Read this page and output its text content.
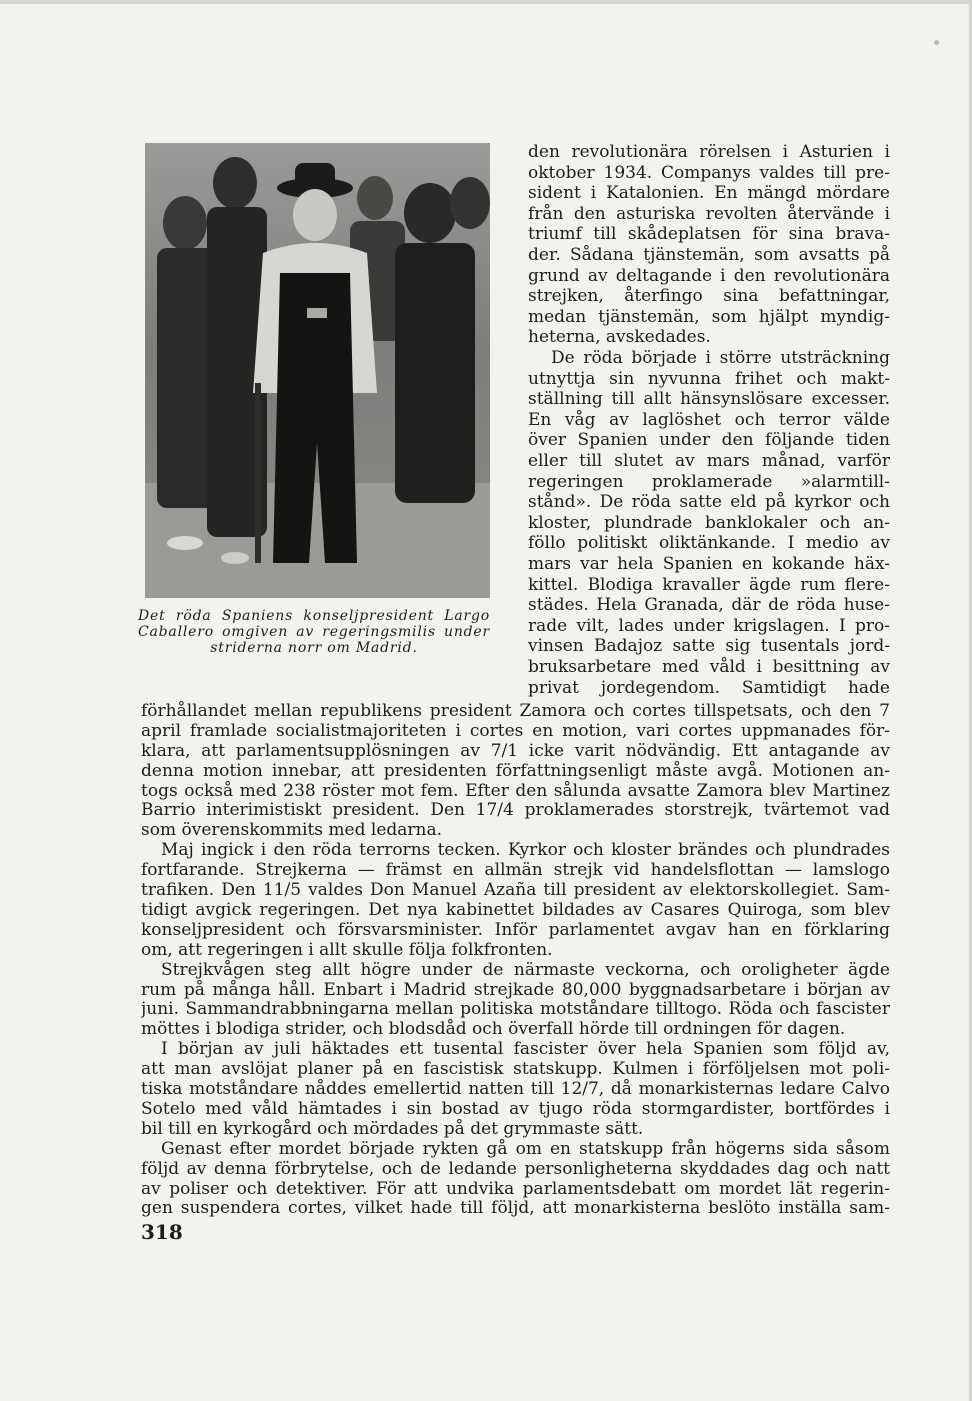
Det röda Spaniens konseljpresident Largo Caballero omgiven av regeringsmilis under striderna norr om Madrid.
den revolutionära rörelsen i Asturien i
oktober 1934. Companys valdes till pre-
sident i Katalonien. En mängd mördare
från den asturiska revolten återvände i
triumf till skådeplatsen för sina brava-
der. Sådana tjänstemän, som avsatts på
grund av deltagande i den revolutionära
strejken, återfingo sina befattningar,
medan tjänstemän, som hjälpt myndig-
heterna, avskedades.
De röda började i större utsträckning
utnyttja sin nyvunna frihet och makt-
ställning till allt hänsynslösare excesser.
En våg av laglöshet och terror välde
över Spanien under den följande tiden
eller till slutet av mars månad, varför
regeringen proklamerade »alarmtill-
stånd». De röda satte eld på kyrkor och
kloster, plundrade banklokaler och an-
föllo politiskt oliktänkande. I medio av
mars var hela Spanien en kokande häx-
kittel. Blodiga kravaller ägde rum flere-
städes. Hela Granada, där de röda huse-
rade vilt, lades under krigslagen. I pro-
vinsen Badajoz satte sig tusentals jord-
bruksarbetare med våld i besittning av
privat jordegendom. Samtidigt hade
förhållandet mellan republikens president Zamora och cortes tillspetsats, och den 7
april framlade socialistmajoriteten i cortes en motion, vari cortes uppmanades för-
klara, att parlamentsupplösningen av 7/1 icke varit nödvändig. Ett antagande av
denna motion innebar, att presidenten författningsenligt måste avgå. Motionen an-
togs också med 238 röster mot fem. Efter den sålunda avsatte Zamora blev Martinez
Barrio interimistiskt president. Den 17/4 proklamerades storstrejk, tvärtemot vad
som överenskommits med ledarna.
Maj ingick i den röda terrorns tecken. Kyrkor och kloster brändes och plundrades
fortfarande. Strejkerna — främst en allmän strejk vid handelsflottan — lamslogo
trafiken. Den 11/5 valdes Don Manuel Azaña till president av elektorskollegiet. Sam-
tidigt avgick regeringen. Det nya kabinettet bildades av Casares Quiroga, som blev
konseljpresident och försvarsminister. Inför parlamentet avgav han en förklaring
om, att regeringen i allt skulle följa folkfronten.
Strejkvågen steg allt högre under de närmaste veckorna, och oroligheter ägde
rum på många håll. Enbart i Madrid strejkade 80,000 byggnadsarbetare i början av
juni. Sammandrabbningarna mellan politiska motståndare tilltogo. Röda och fascister
möttes i blodiga strider, och blodsdåd och överfall hörde till ordningen för dagen.
I början av juli häktades ett tusental fascister över hela Spanien som följd av,
att man avslöjat planer på en fascistisk statskupp. Kulmen i förföljelsen mot poli-
tiska motståndare nåddes emellertid natten till 12/7, då monarkisternas ledare Calvo
Sotelo med våld hämtades i sin bostad av tjugo röda stormgardister, bortfördes i
bil till en kyrkogård och mördades på det grymmaste sätt.
Genast efter mordet började rykten gå om en statskupp från högerns sida såsom
följd av denna förbrytelse, och de ledande personligheterna skyddades dag och natt
av poliser och detektiver. För att undvika parlamentsdebatt om mordet lät regerin-
318
gen suspendera cortes, vilket hade till följd, att monarkisterna beslöto inställa sam-
